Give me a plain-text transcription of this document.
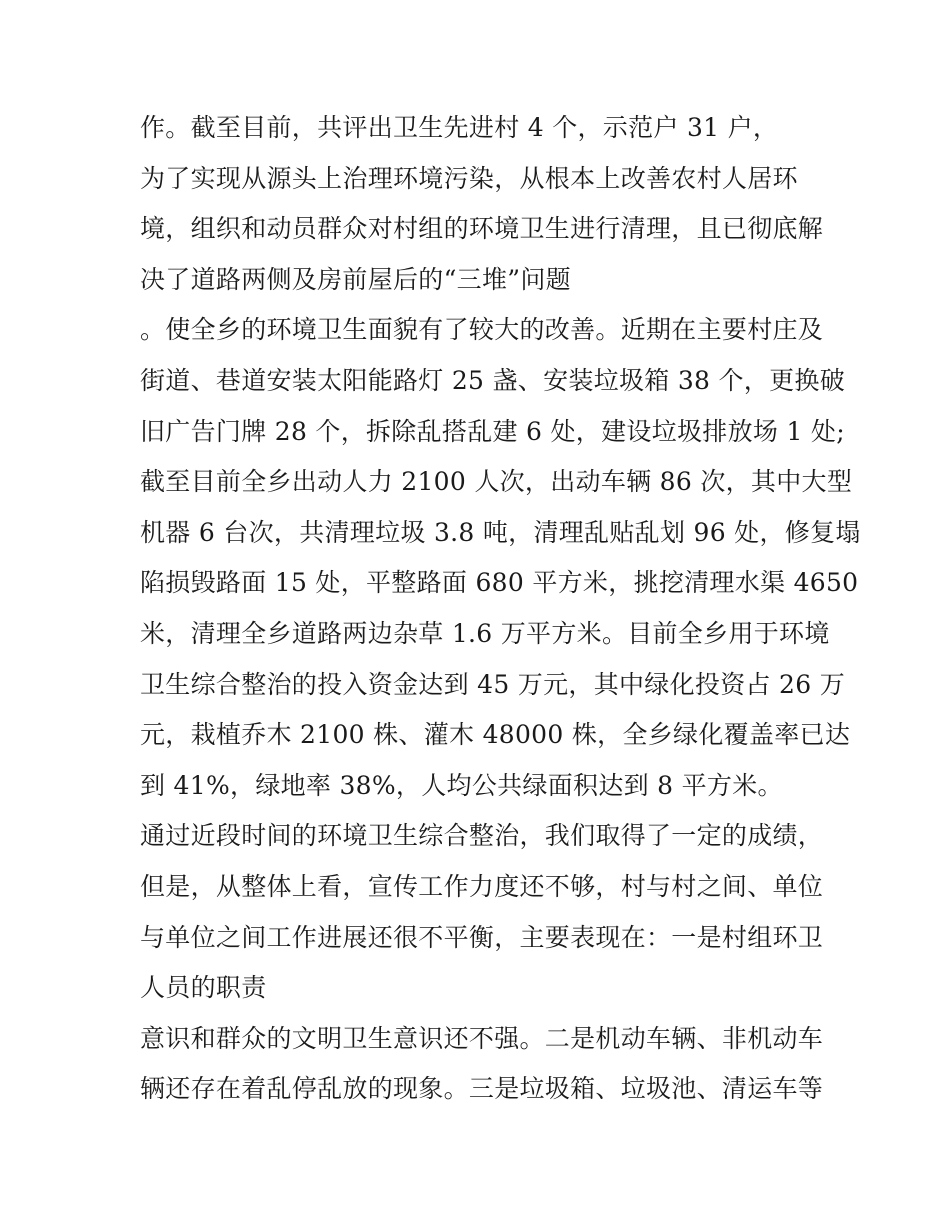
作。截至目前，共评出卫生先进村 4 个，示范户 31 户，
为了实现从源头上治理环境污染，从根本上改善农村人居环
境，组织和动员群众对村组的环境卫生进行清理，且已彻底解
决了道路两侧及房前屋后的“三堆”问题
。使全乡的环境卫生面貌有了较大的改善。近期在主要村庄及
街道、巷道安装太阳能路灯 25 盏、安装垃圾箱 38 个，更换破
旧广告门牌 28 个，拆除乱搭乱建 6 处，建设垃圾排放场 1 处;
截至目前全乡出动人力 2100 人次，出动车辆 86 次，其中大型
机器 6 台次，共清理垃圾 3.8 吨，清理乱贴乱划 96 处，修复塌
陷损毁路面 15 处，平整路面 680 平方米，挑挖清理水渠 4650
米，清理全乡道路两边杂草 1.6 万平方米。目前全乡用于环境
卫生综合整治的投入资金达到 45 万元，其中绿化投资占 26 万
元，栽植乔木 2100 株、灌木 48000 株，全乡绿化覆盖率已达
到 41%，绿地率 38%，人均公共绿面积达到 8 平方米。
通过近段时间的环境卫生综合整治，我们取得了一定的成绩，
但是，从整体上看，宣传工作力度还不够，村与村之间、单位
与单位之间工作进展还很不平衡，主要表现在：一是村组环卫
人员的职责
意识和群众的文明卫生意识还不强。二是机动车辆、非机动车
辆还存在着乱停乱放的现象。三是垃圾箱、垃圾池、清运车等
